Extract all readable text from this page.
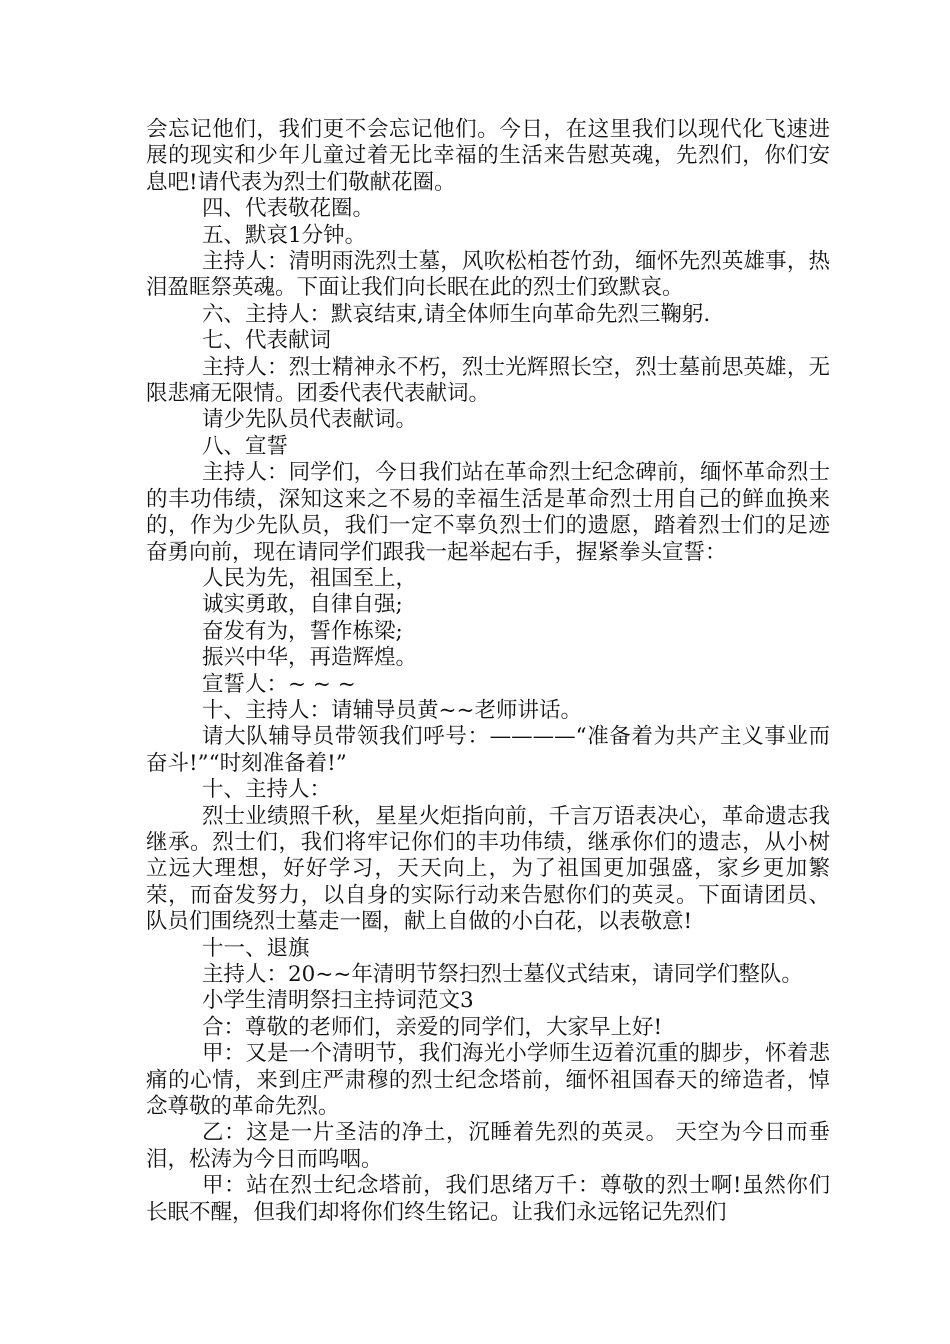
会忘记他们，我们更不会忘记他们。今日，在这里我们以现代化飞速进展的现实和少年儿童过着无比幸福的生活来告慰英魂，先烈们，你们安息吧!请代表为烈士们敬献花圈。

四、代表敬花圈。

五、默哀1分钟。

主持人：清明雨洗烈士墓，风吹松柏苍竹劲，缅怀先烈英雄事，热泪盈眶祭英魂。下面让我们向长眠在此的烈士们致默哀。

六、主持人：默哀结束,请全体师生向革命先烈三鞠躬.

七、代表献词

主持人：烈士精神永不朽，烈士光辉照长空，烈士墓前思英雄，无限悲痛无限情。团委代表代表献词。

请少先队员代表献词。

八、宣誓

主持人：同学们，今日我们站在革命烈士纪念碑前，缅怀革命烈士的丰功伟绩，深知这来之不易的幸福生活是革命烈士用自己的鲜血换来的，作为少先队员，我们一定不辜负烈士们的遗愿，踏着烈士们的足迹奋勇向前，现在请同学们跟我一起举起右手，握紧拳头宣誓：

人民为先，祖国至上，

诚实勇敢，自律自强;

奋发有为，誓作栋梁;

振兴中华，再造辉煌。

宣誓人：~ ~ ~

十、主持人：请辅导员黄~~老师讲话。

请大队辅导员带领我们呼号：————“准备着为共产主义事业而奋斗!”“时刻准备着!”

十、主持人：

烈士业绩照千秋，星星火炬指向前，千言万语表决心，革命遗志我继承。烈士们，我们将牢记你们的丰功伟绩，继承你们的遗志，从小树立远大理想，好好学习，天天向上，为了祖国更加强盛，家乡更加繁荣，而奋发努力，以自身的实际行动来告慰你们的英灵。下面请团员、队员们围绕烈士墓走一圈，献上自做的小白花，以表敬意!

十一、退旗

主持人：20~~年清明节祭扫烈士墓仪式结束，请同学们整队。

小学生清明祭扫主持词范文3

合：尊敬的老师们，亲爱的同学们，大家早上好!

甲：又是一个清明节，我们海光小学师生迈着沉重的脚步，怀着悲痛的心情，来到庄严肃穆的烈士纪念塔前，缅怀祖国春天的缔造者，悼念尊敬的革命先烈。

乙：这是一片圣洁的净土，沉睡着先烈的英灵。 天空为今日而垂泪，松涛为今日而呜咽。

甲：站在烈士纪念塔前，我们思绪万千：尊敬的烈士啊!虽然你们长眠不醒，但我们却将你们终生铭记。让我们永远铭记先烈们
